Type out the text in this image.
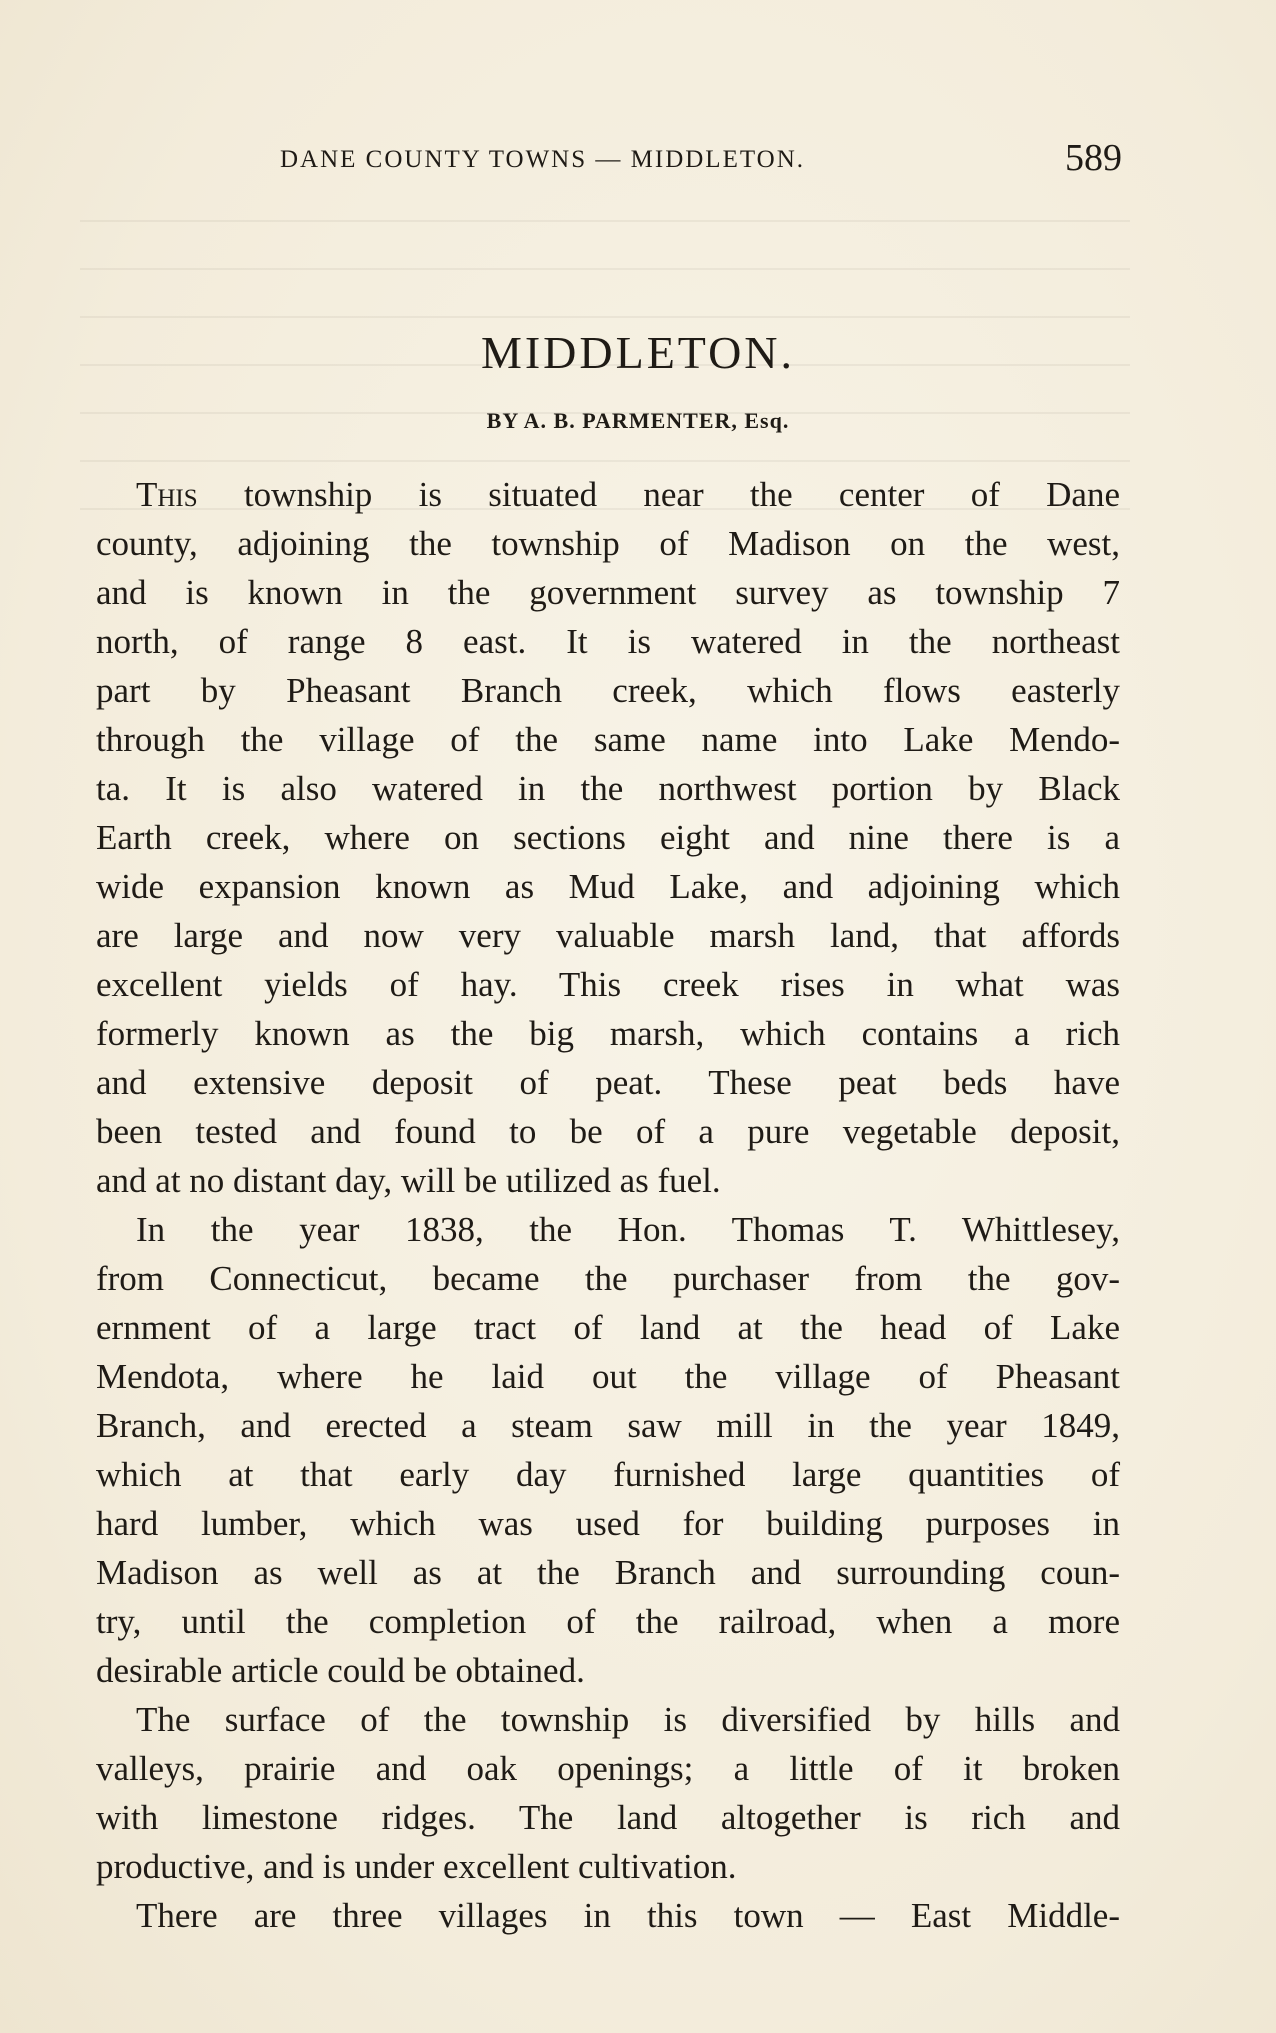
DANE COUNTY TOWNS — MIDDLETON.	589
MIDDLETON.
BY A. B. PARMENTER, Esq.
This township is situated near the center of Dane
county, adjoining the township of Madison on the west,
and is known in the government survey as township 7
north, of range 8 east. It is watered in the northeast
part by Pheasant Branch creek, which flows easterly
through the village of the same name into Lake Mendo-
ta. It is also watered in the northwest portion by Black
Earth creek, where on sections eight and nine there is a
wide expansion known as Mud Lake, and adjoining which
are large and now very valuable marsh land, that affords
excellent yields of hay. This creek rises in what was
formerly known as the big marsh, which contains a rich
and extensive deposit of peat. These peat beds have
been tested and found to be of a pure vegetable deposit,
and at no distant day, will be utilized as fuel.
In the year 1838, the Hon. Thomas T. Whittlesey,
from Connecticut, became the purchaser from the gov-
ernment of a large tract of land at the head of Lake
Mendota, where he laid out the village of Pheasant
Branch, and erected a steam saw mill in the year 1849,
which at that early day furnished large quantities of
hard lumber, which was used for building purposes in
Madison as well as at the Branch and surrounding coun-
try, until the completion of the railroad, when a more
desirable article could be obtained.
The surface of the township is diversified by hills and
valleys, prairie and oak openings; a little of it broken
with limestone ridges. The land altogether is rich and
productive, and is under excellent cultivation.
There are three villages in this town — East Middle-
